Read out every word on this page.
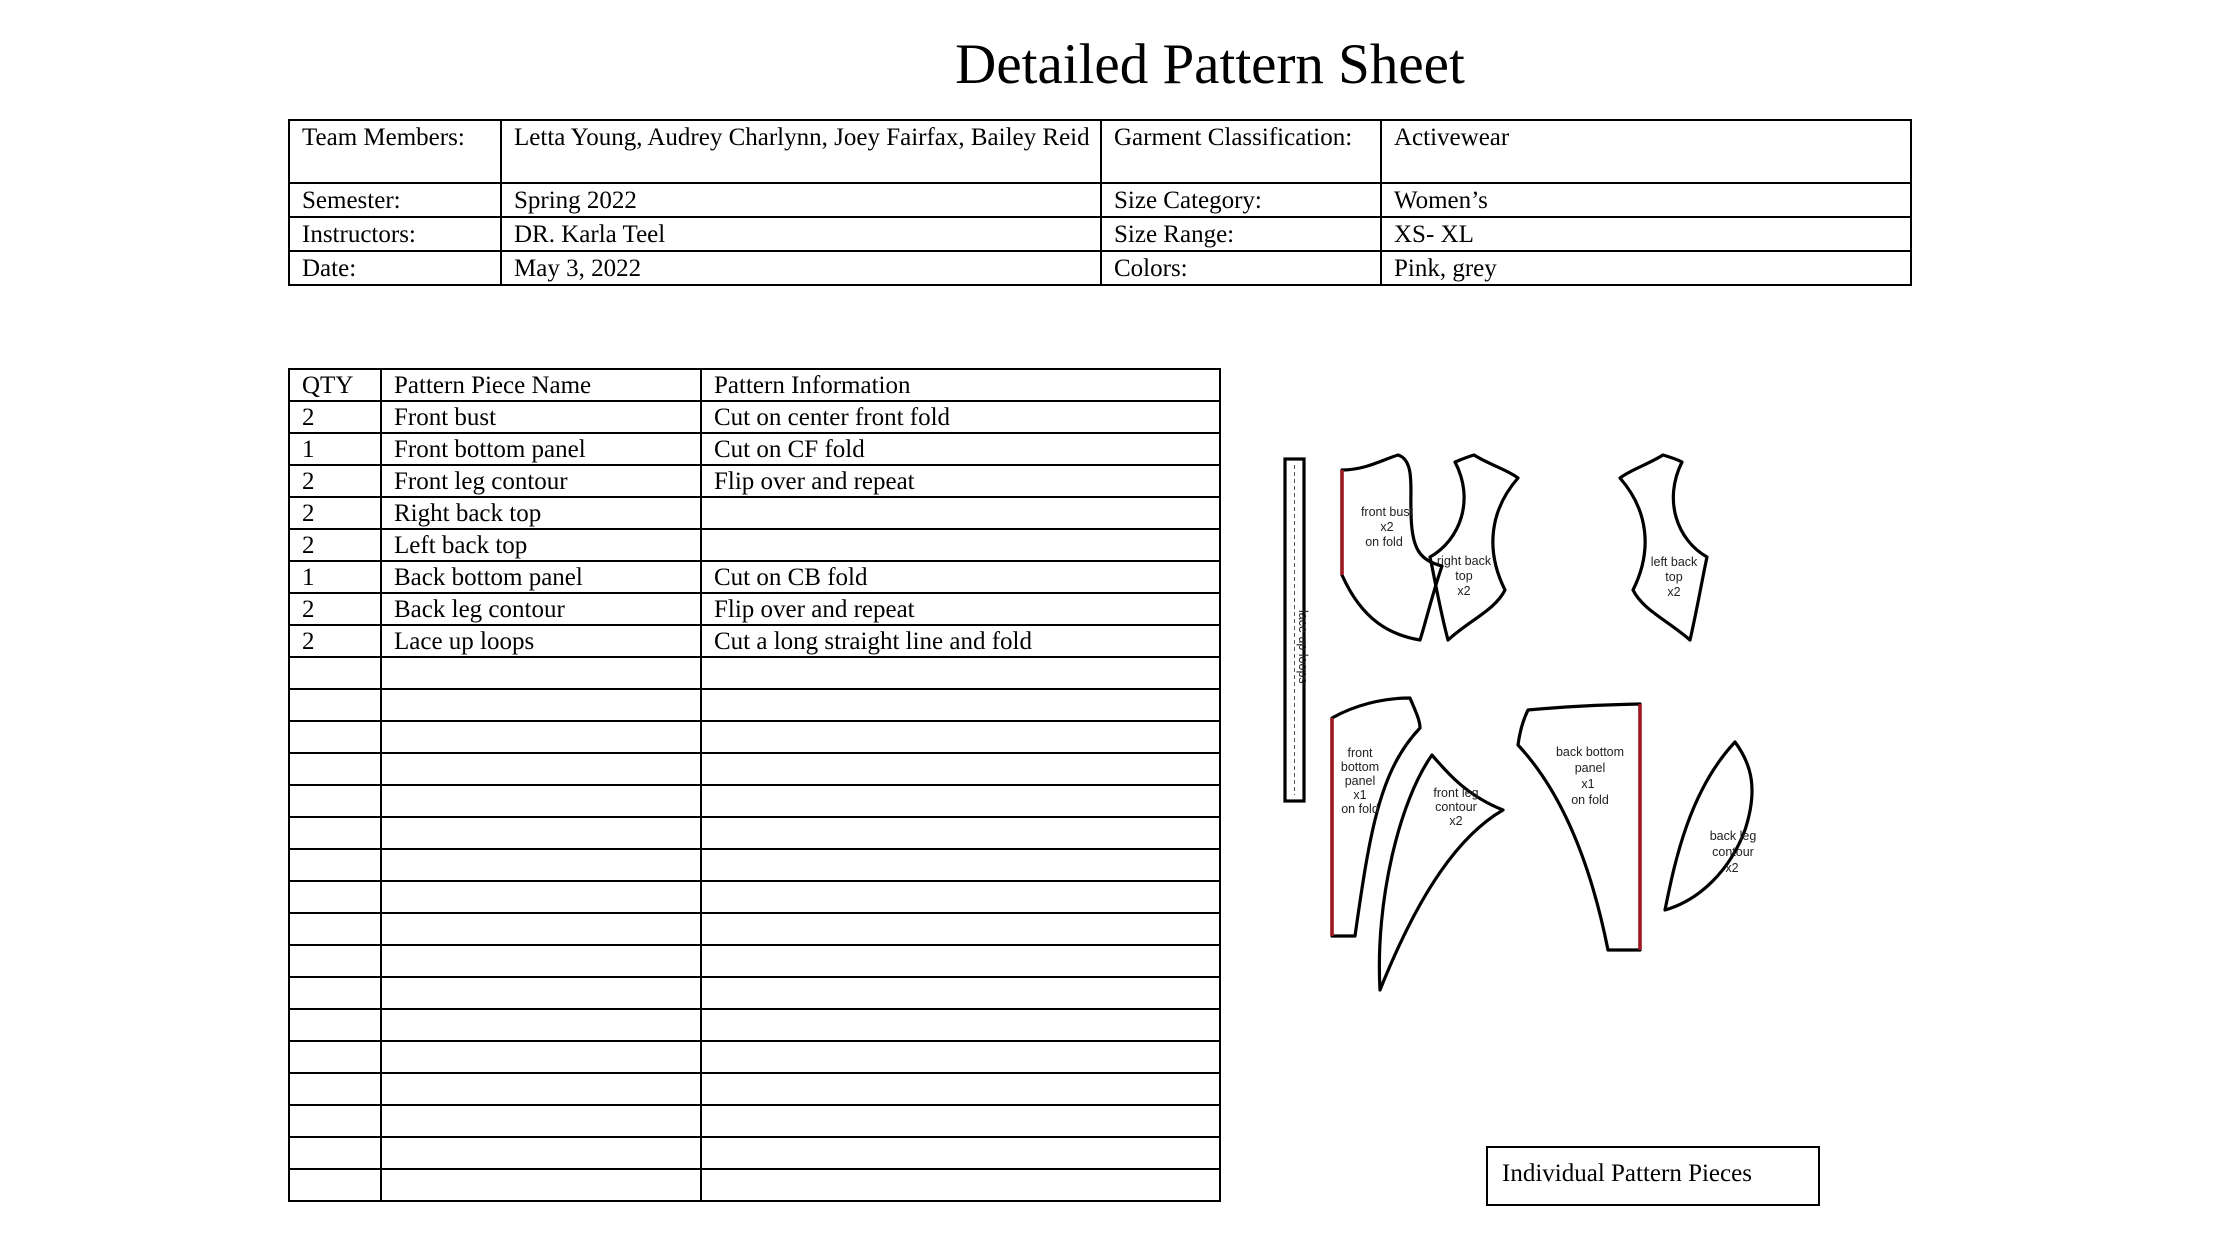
Detailed Pattern Sheet
Team Members:	Letta Young, Audrey Charlynn, Joey Fairfax, Bailey Reid	Garment Classification:	Activewear
Semester:	Spring 2022	Size Category:	Women’s
Instructors:	DR. Karla Teel	Size Range:	XS- XL
Date:	May 3, 2022	Colors:	Pink, grey
QTY	Pattern Piece Name	Pattern Information
2	Front bust	Cut on center front fold
1	Front bottom panel	Cut on CF fold
2	Front leg contour	Flip over and repeat
2	Right back top	
2	Left back top	
1	Back bottom panel	Cut on CB fold
2	Back leg contour	Flip over and repeat
2	Lace up loops	Cut a long straight line and fold

			lace up loops
front bust
x2
on fold
right back
top
x2
left back
top
x2
front
bottom
panel
x1
on fold
front leg
contour
x2
back bottom
panel
x1
on fold
back leg
contour
x2
Individual Pattern Pieces
